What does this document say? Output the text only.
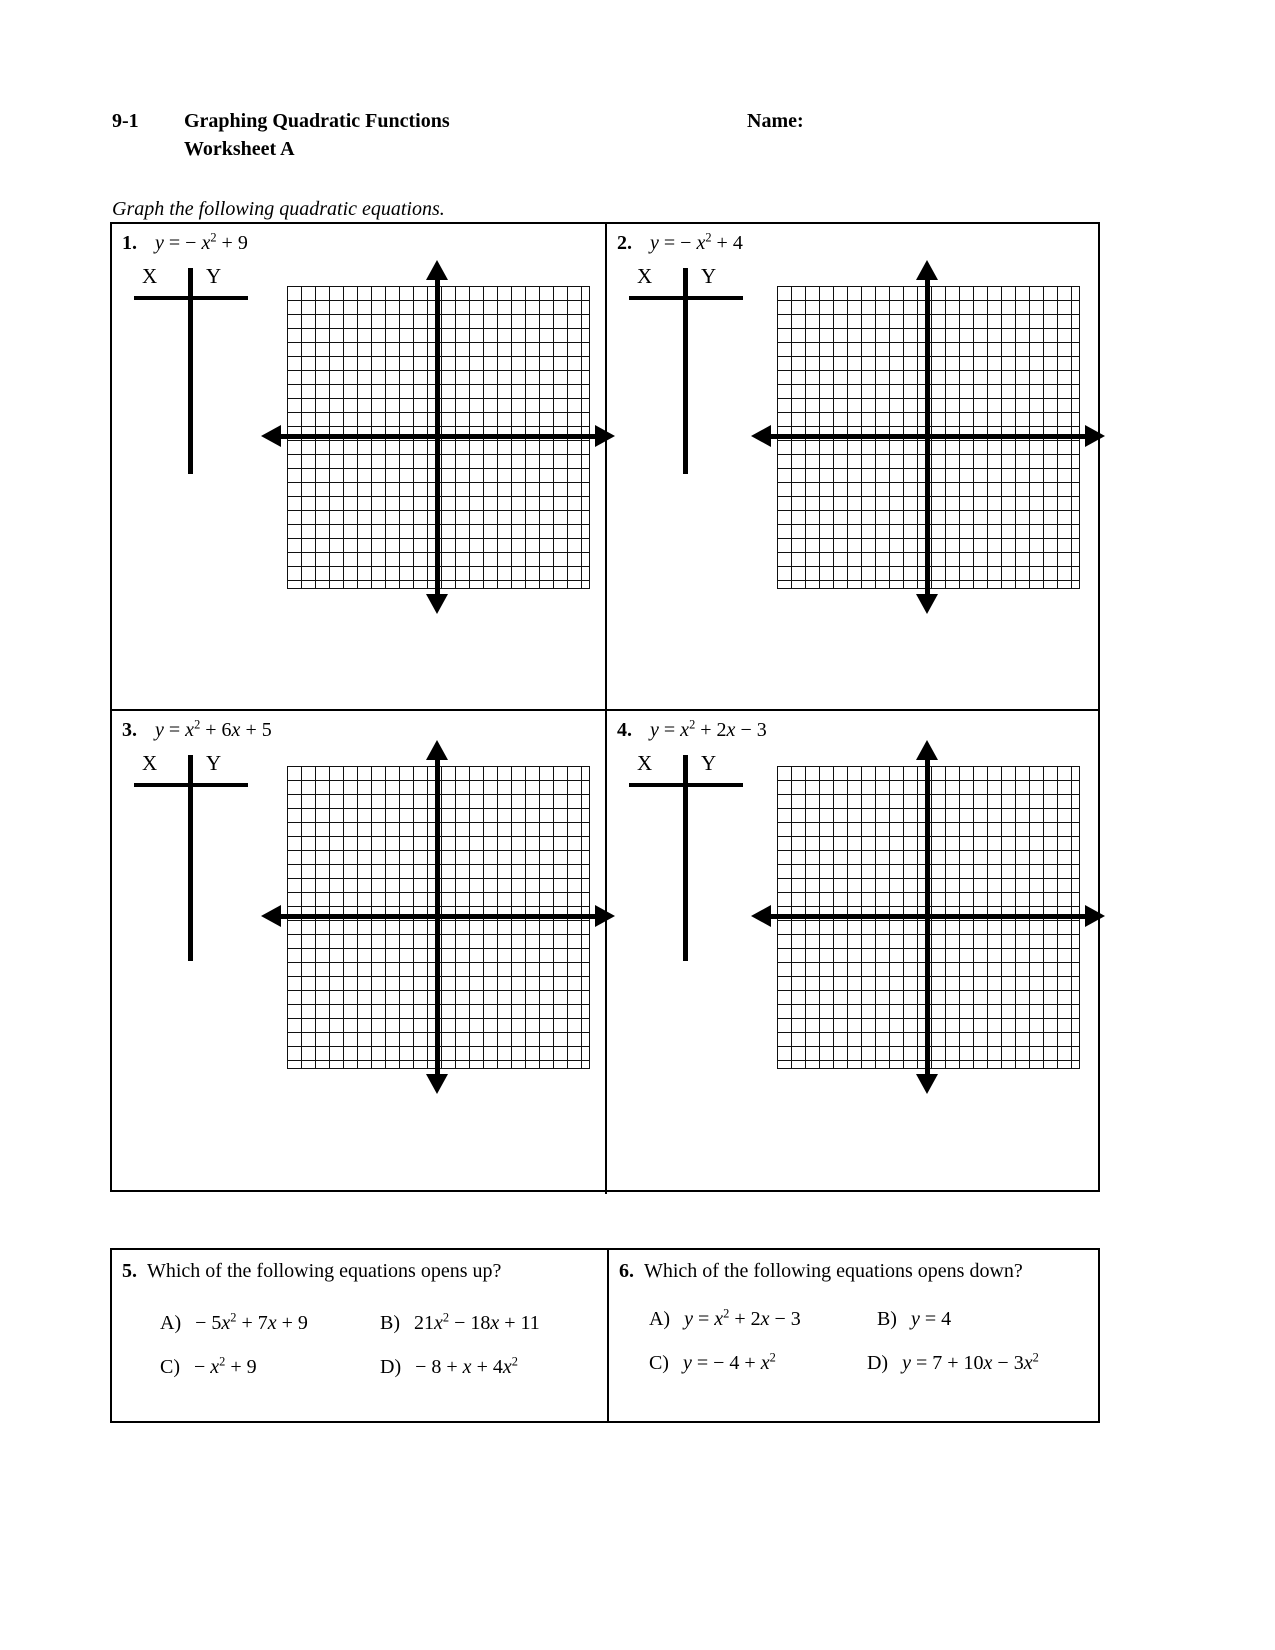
9-1	Graphing Quadratic Functions	Name:
Worksheet A
Graph the following quadratic equations.
1. y = − $x^2 + 9$
X Y
2. y = − $x^2 + 4$
X Y
3. $y = x^2 + 6x + 5$
X Y
4. $y = x^2 + 2x - 3$
X Y
5. Which of the following equations opens up?
$A) - 5x^2 + 7x + 9$	B) $21x^2 - 18x + 11$
$C) - x^2 + 9$	$D) - 8 + x + 4x^2$
6. Which of the following equations opens down?
A) $y = x^2 + 2x - 3$	B) y = 4
C) y = − $4 + x^2$	D) $y = 7 + 10x - 3x^2$
